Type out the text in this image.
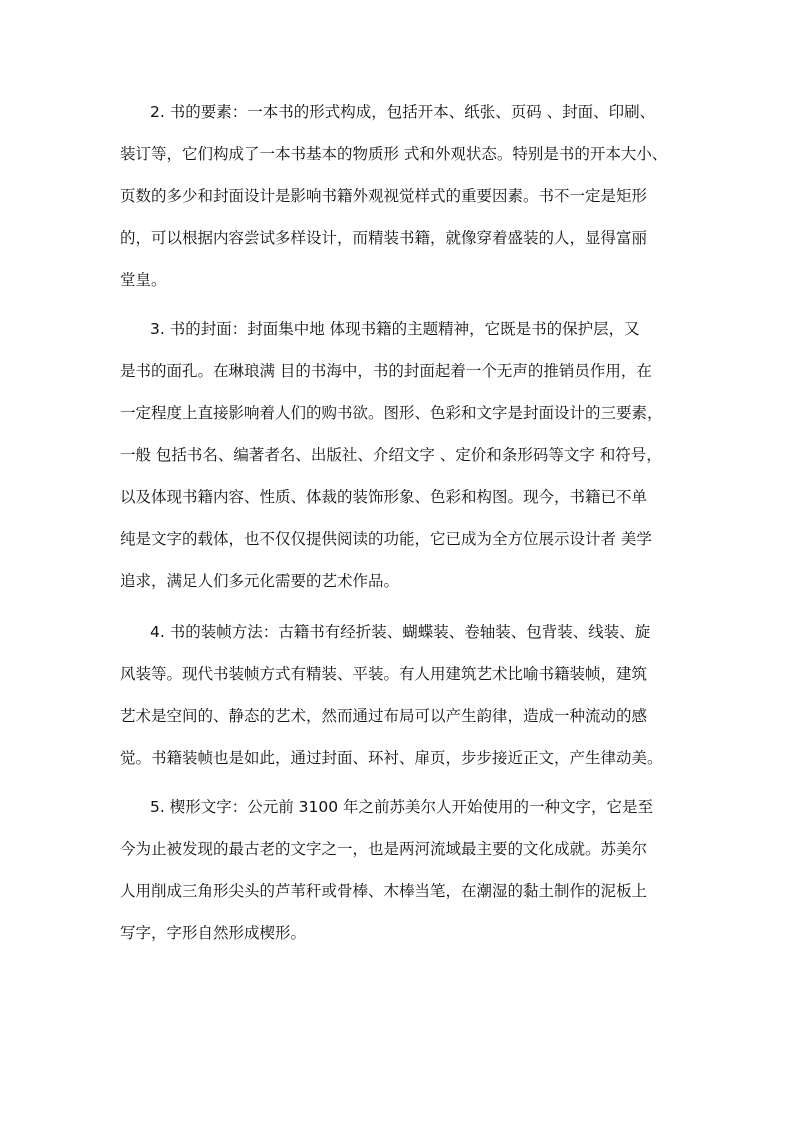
2. 书的要素：一本书的形式构成，包括开本、纸张、页码 、封面、印刷、
装订等，它们构成了一本书基本的物质形 式和外观状态。特别是书的开本大小、
页数的多少和封面设计是影响书籍外观视觉样式的重要因素。书不一定是矩形
的，可以根据内容尝试多样设计，而精装书籍，就像穿着盛装的人，显得富丽
堂皇。
3. 书的封面：封面集中地 体现书籍的主题精神，它既是书的保护层，又
是书的面孔。在琳琅满 目的书海中，书的封面起着一个无声的推销员作用，在
一定程度上直接影响着人们的购书欲。图形、色彩和文字是封面设计的三要素，
一般 包括书名、编著者名、出版社、介绍文字 、定价和条形码等文字 和符号，
以及体现书籍内容、性质、体裁的装饰形象、色彩和构图。现今，书籍已不单
纯是文字的载体，也不仅仅提供阅读的功能，它已成为全方位展示设计者 美学
追求，满足人们多元化需要的艺术作品。
4. 书的装帧方法：古籍书有经折装、蝴蝶装、卷轴装、包背装、线装、旋
风装等。现代书装帧方式有精装、平装。有人用建筑艺术比喻书籍装帧，建筑
艺术是空间的、静态的艺术，然而通过布局可以产生韵律，造成一种流动的感
觉。书籍装帧也是如此，通过封面、环衬、扉页，步步接近正文，产生律动美。
5. 楔形文字：公元前 3100 年之前苏美尔人开始使用的一种文字，它是至
今为止被发现的最古老的文字之一，也是两河流域最主要的文化成就。苏美尔
人用削成三角形尖头的芦苇秆或骨棒、木棒当笔，在潮湿的黏土制作的泥板上
写字，字形自然形成楔形。
